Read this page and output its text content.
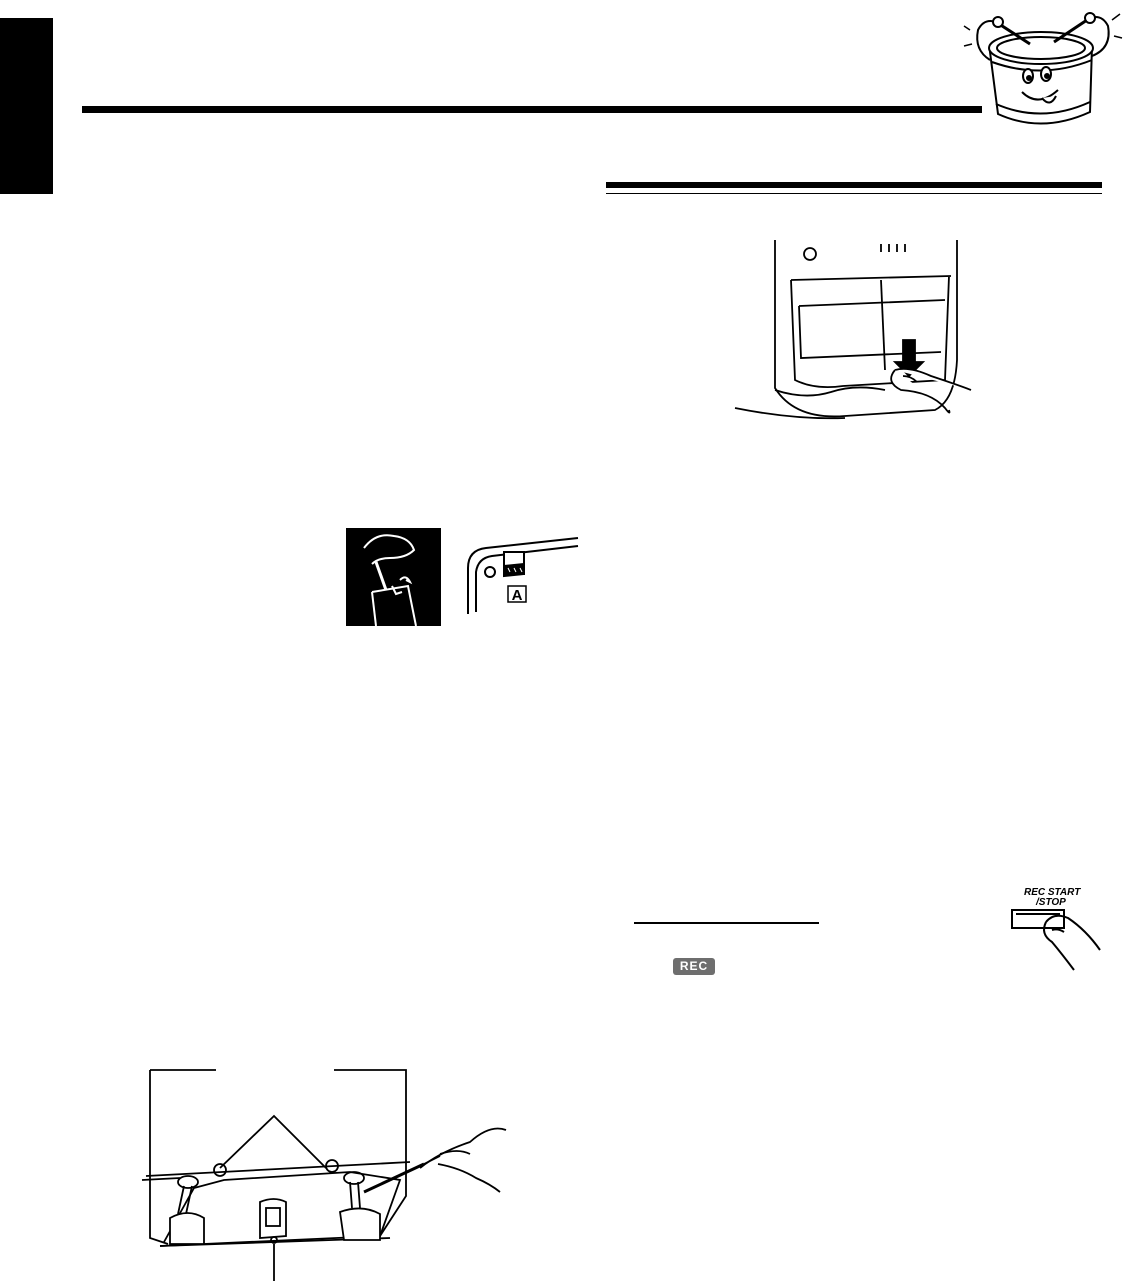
A
REC
REC START
/STOP
